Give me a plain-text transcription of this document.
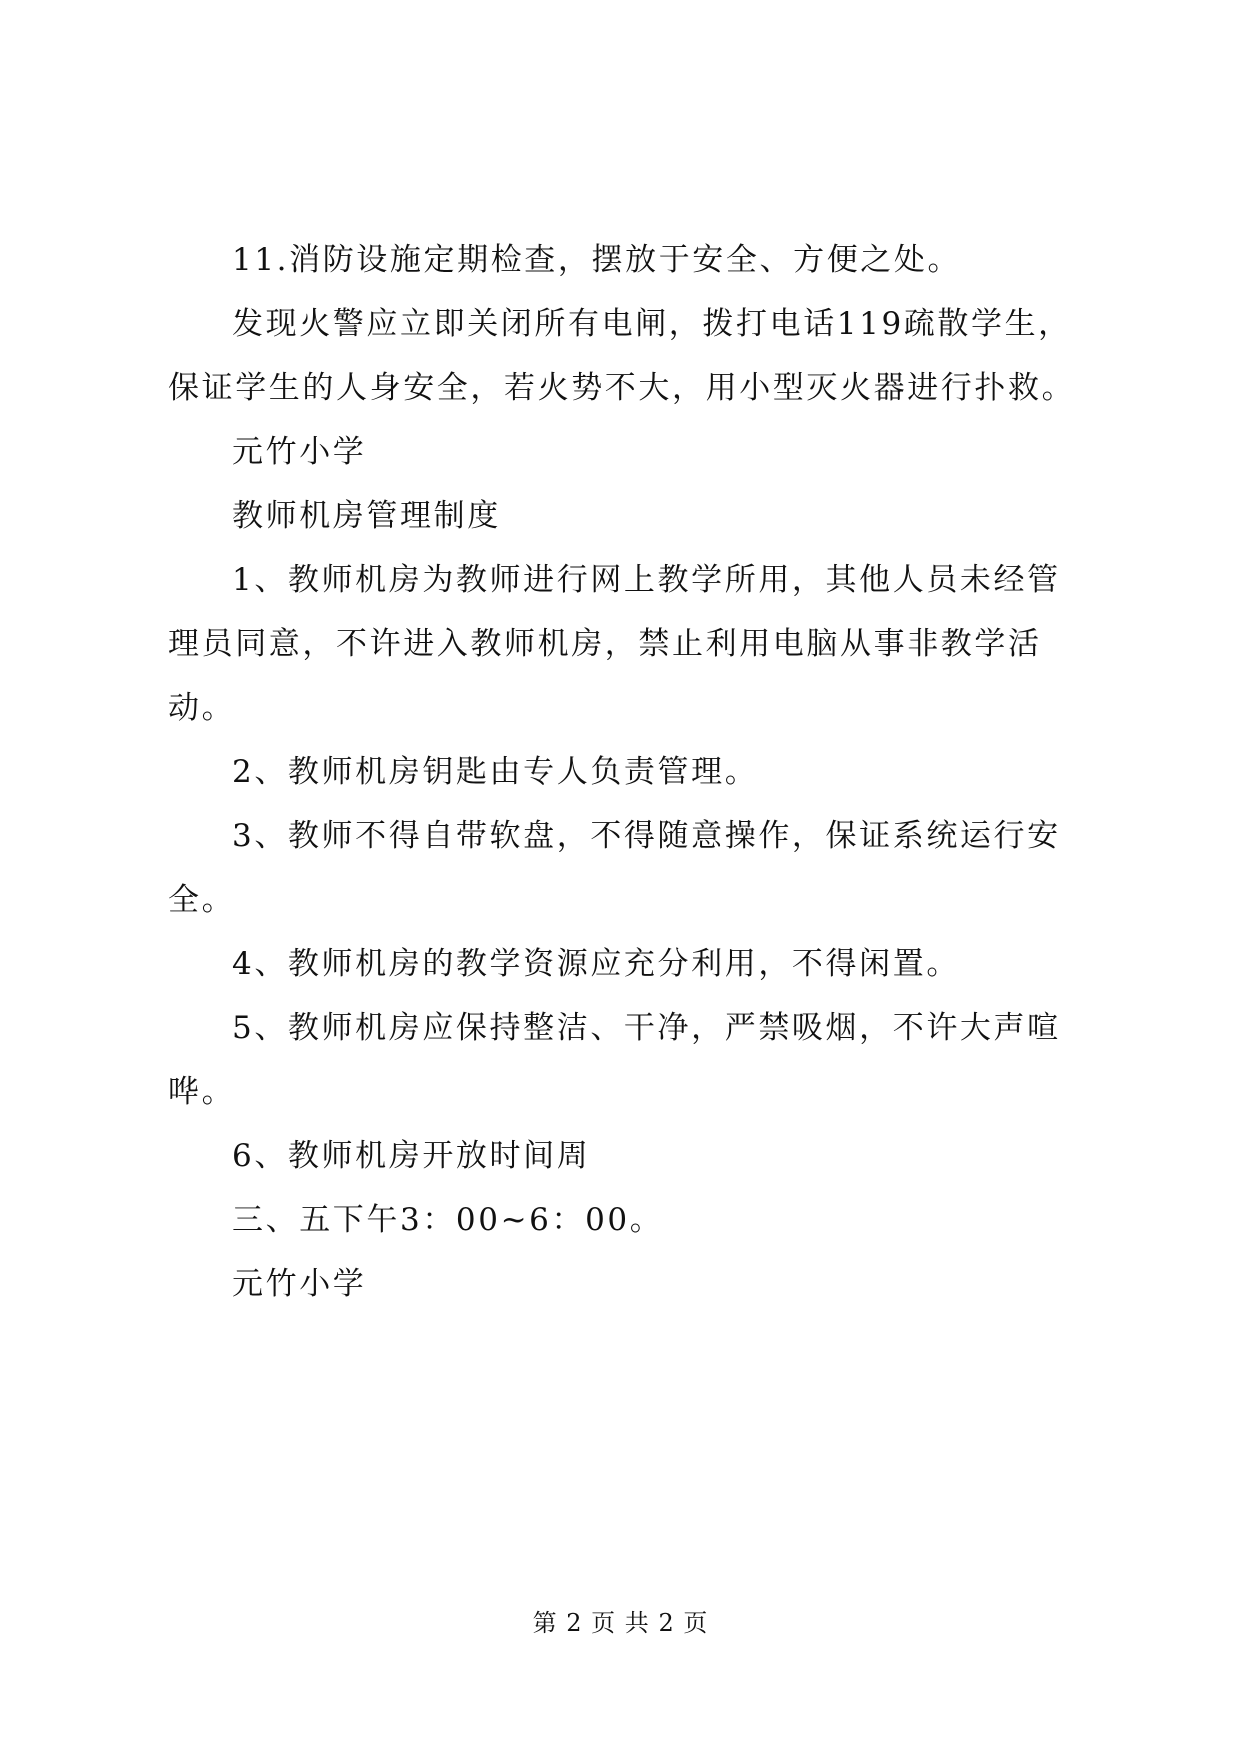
11.消防设施定期检查，摆放于安全、方便之处。

发现火警应立即关闭所有电闸，拨打电话119疏散学生，保证学生的人身安全，若火势不大，用小型灭火器进行扑救。

元竹小学

教师机房管理制度

1、教师机房为教师进行网上教学所用，其他人员未经管理员同意，不许进入教师机房，禁止利用电脑从事非教学活动。

2、教师机房钥匙由专人负责管理。

3、教师不得自带软盘，不得随意操作，保证系统运行安全。

4、教师机房的教学资源应充分利用，不得闲置。

5、教师机房应保持整洁、干净，严禁吸烟，不许大声喧哗。

6、教师机房开放时间周

三、五下午3：00~6：00。

元竹小学

第 2 页 共 2 页
